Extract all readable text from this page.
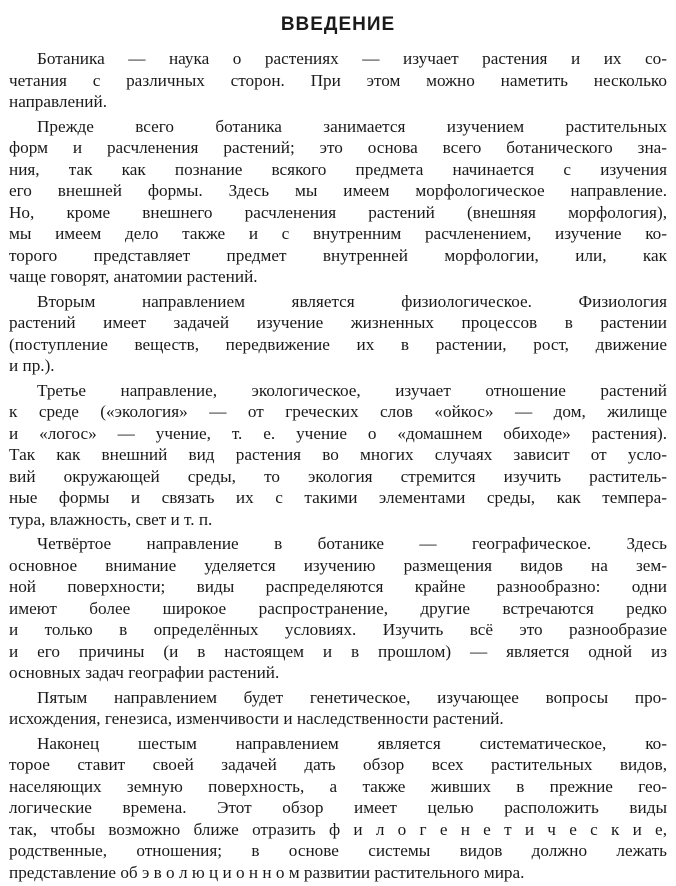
ВВЕДЕНИЕ
Ботаника — наука о растениях — изучает растения и их со-
четания с различных сторон. При этом можно наметить несколько
направлений.
Прежде всего ботаника занимается изучением растительных
форм и расчленения растений; это основа всего ботанического зна-
ния, так как познание всякого предмета начинается с изучения
его внешней формы. Здесь мы имеем морфологическое направление.
Но, кроме внешнего расчленения растений (внешняя морфология),
мы имеем дело также и с внутренним расчленением, изучение ко-
торого представляет предмет внутренней морфологии, или, как
чаще говорят, анатомии растений.
Вторым направлением является физиологическое. Физиология
растений имеет задачей изучение жизненных процессов в растении
(поступление веществ, передвижение их в растении, рост, движение
и пр.).
Третье направление, экологическое, изучает отношение растений
к среде («экология» — от греческих слов «ойкос» — дом, жилище
и «логос» — учение, т. е. учение о «домашнем обиходе» растения).
Так как внешний вид растения во многих случаях зависит от усло-
вий окружающей среды, то экология стремится изучить раститель-
ные формы и связать их с такими элементами среды, как темпера-
тура, влажность, свет и т. п.
Четвёртое направление в ботанике — географическое. Здесь
основное внимание уделяется изучению размещения видов на зем-
ной поверхности; виды распределяются крайне разнообразно: одни
имеют более широкое распространение, другие встречаются редко
и только в определённых условиях. Изучить всё это разнообразие
и его причины (и в настоящем и в прошлом) — является одной из
основных задач географии растений.
Пятым направлением будет генетическое, изучающее вопросы про-
исхождения, генезиса, изменчивости и наследственности растений.
Наконец шестым направлением является систематическое, ко-
торое ставит своей задачей дать обзор всех растительных видов,
населяющих земную поверхность, а также живших в прежние гео-
логические времена. Этот обзор имеет целью расположить виды
так, чтобы возможно ближе отразить ф и л о г е н е т и ч е с к и е,
родственные, отношения; в основе системы видов должно лежать
представление об э в о л ю ц и о н н о м развитии растительного мира.
